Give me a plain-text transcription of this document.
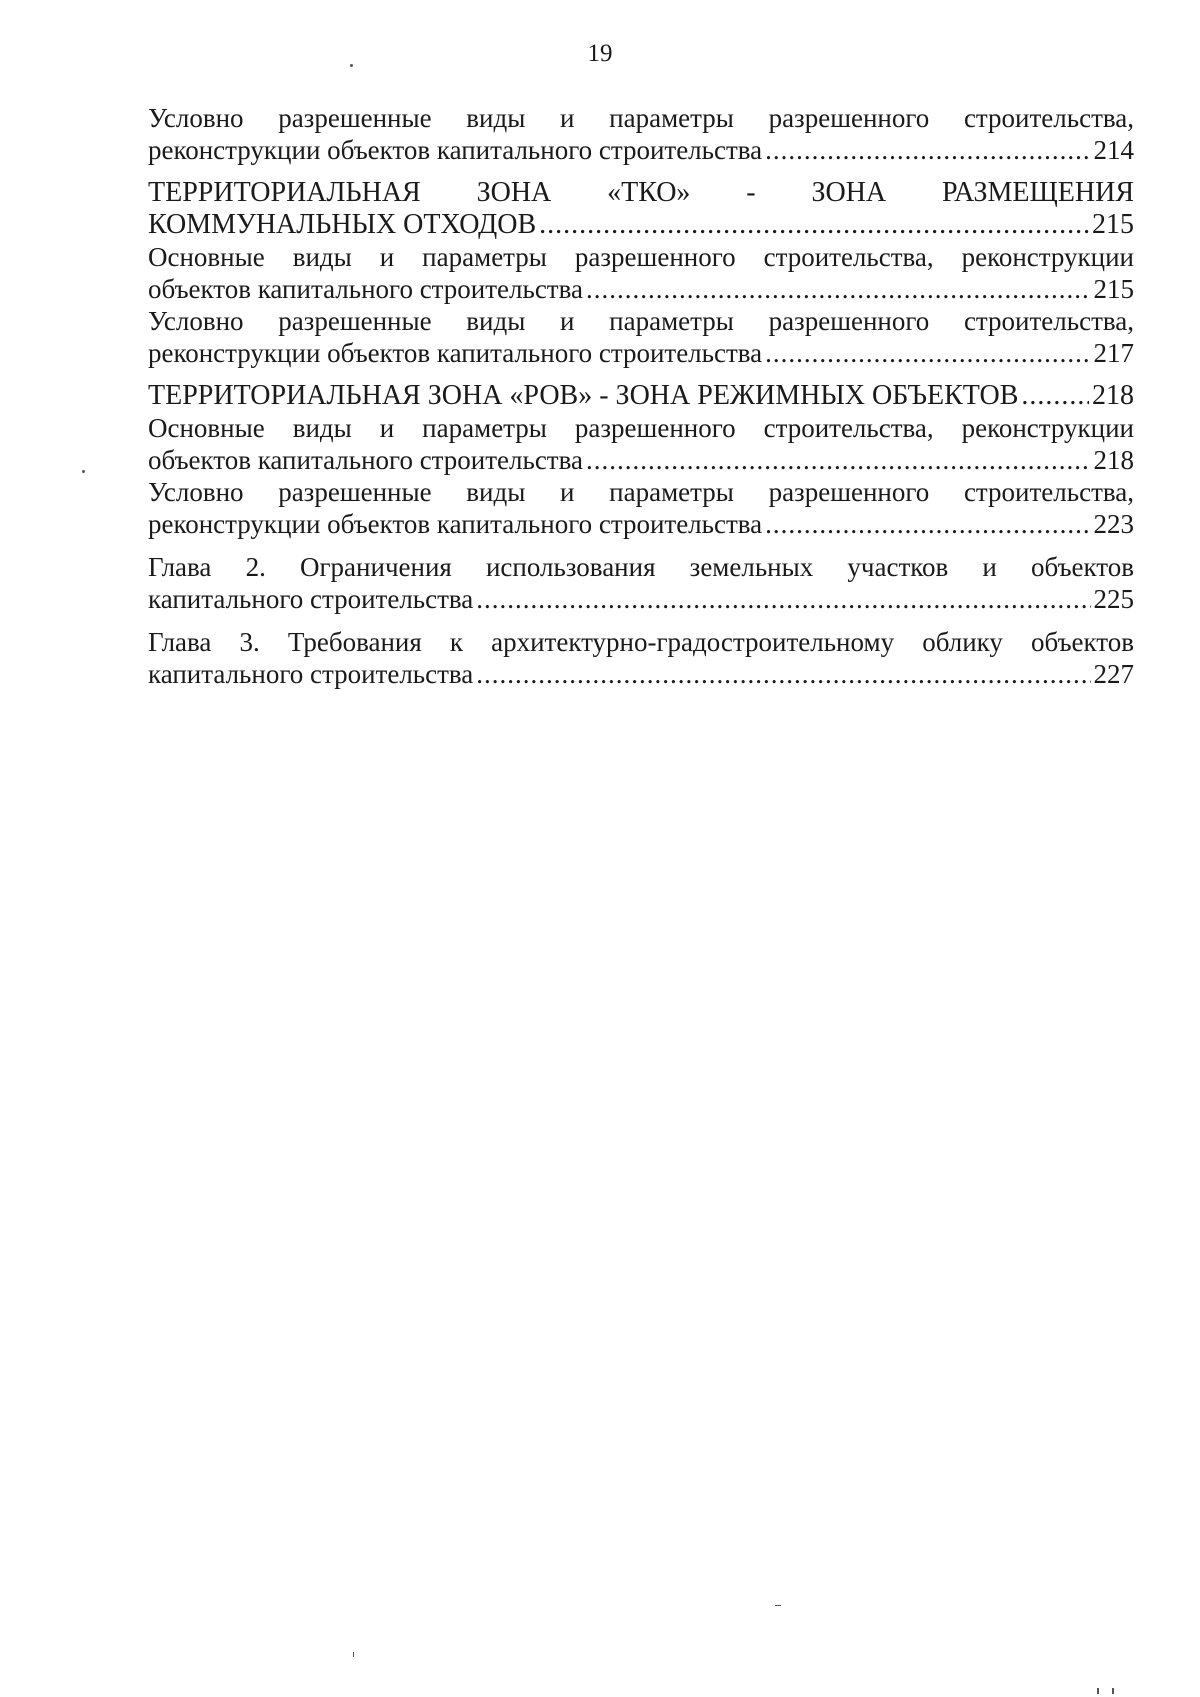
19
Условно разрешенные виды и параметры разрешенного строительства,
реконструкции объектов капитального строительства .....	214
ТЕРРИТОРИАЛЬНАЯ ЗОНА «ТКО» - ЗОНА РАЗМЕЩЕНИЯ
КОММУНАЛЬНЫХ ОТХОДОВ .....	215
Основные виды и параметры разрешенного строительства, реконструкции
объектов капитального строительства .....	215
Условно разрешенные виды и параметры разрешенного строительства,
реконструкции объектов капитального строительства .....	217
ТЕРРИТОРИАЛЬНАЯ ЗОНА «РОВ» - ЗОНА РЕЖИМНЫХ ОБЪЕКТОВ .....	218
Основные виды и параметры разрешенного строительства, реконструкции
объектов капитального строительства .....	218
Условно разрешенные виды и параметры разрешенного строительства,
реконструкции объектов капитального строительства .....	223
Глава 2. Ограничения использования земельных участков и объектов
капитального строительства .....	225
Глава 3. Требования к архитектурно-градостроительному облику объектов
капитального строительства .....	227
